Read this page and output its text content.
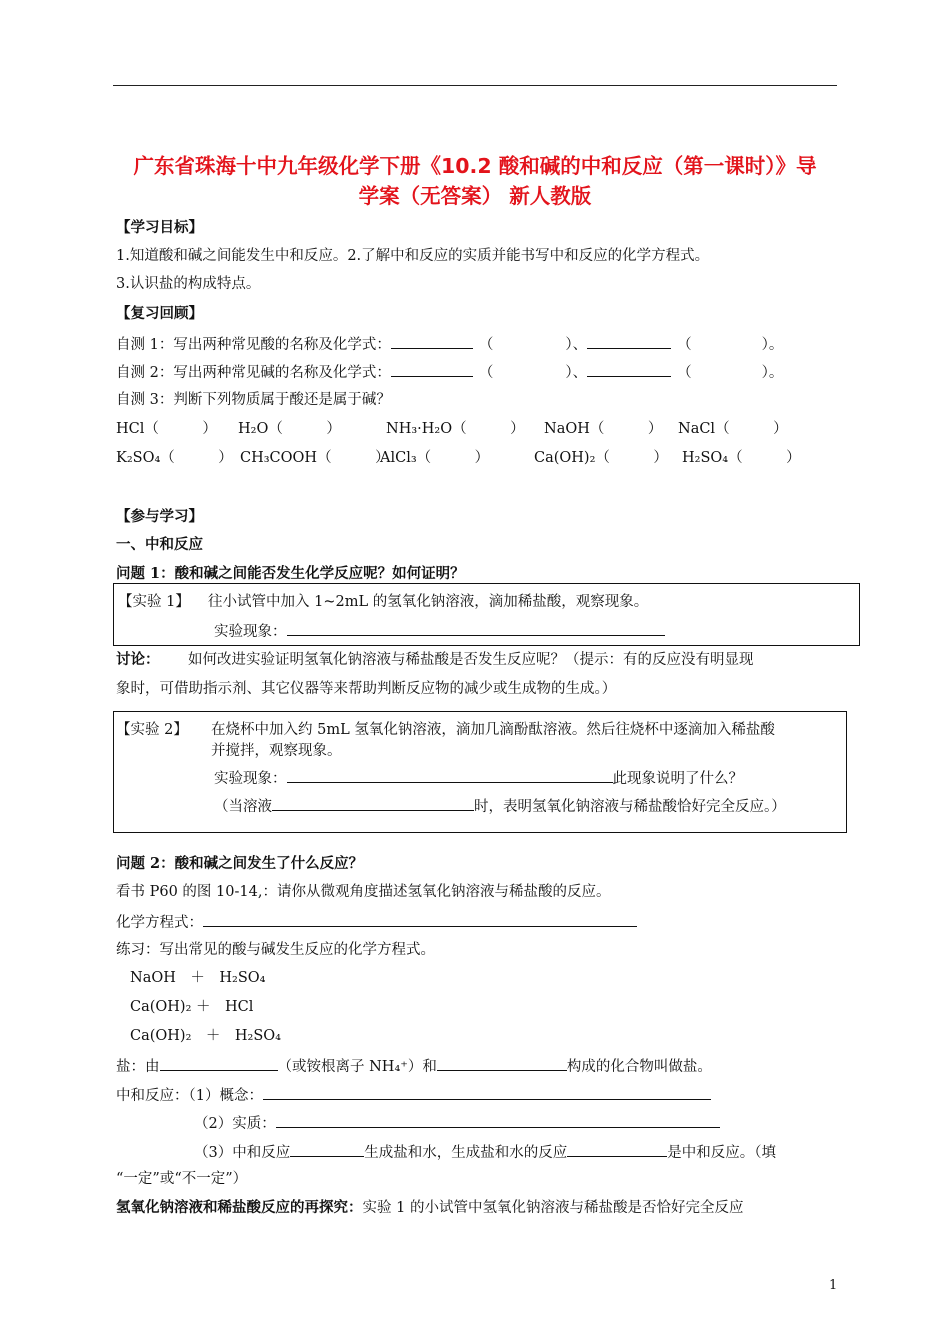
广东省珠海十中九年级化学下册《10.2 酸和碱的中和反应（第一课时）》导
学案（无答案） 新人教版
【学习目标】
1.知道酸和碱之间能发生中和反应。2.了解中和反应的实质并能书写中和反应的化学方程式。
3.认识盐的构成特点。
【复习回顾】
自测 1：写出两种常见酸的名称及化学式：	（	）、	（	）。
自测 2：写出两种常见碱的名称及化学式：	（	）、	（	）。
自测 3：判断下列物质属于酸还是属于碱？
HCl（　　　） H₂O（　　　）	NH₃·H₂O（　　　） NaOH（　　　） NaCl（　　　）
K₂SO₄（　　　） CH₃COOH（　　　）
AlCl₃（　　　）	Ca(OH)₂（　　　） H₂SO₄（　　　）
【参与学习】
一、中和反应
问题 1：酸和碱之间能否发生化学反应呢？如何证明？
【实验 1】 往小试管中加入 1~2mL 的氢氧化钠溶液，滴加稀盐酸，观察现象。
实验现象：
讨论： 如何改进实验证明氢氧化钠溶液与稀盐酸是否发生反应呢？（提示：有的反应没有明显现
象时，可借助指示剂、其它仪器等来帮助判断反应物的减少或生成物的生成。）
【实验 2】 在烧杯中加入约 5mL 氢氧化钠溶液，滴加几滴酚酞溶液。然后往烧杯中逐滴加入稀盐酸
并搅拌，观察现象。
实验现象：	此现象说明了什么？
（当溶液	时，表明氢氧化钠溶液与稀盐酸恰好完全反应。）
问题 2：酸和碱之间发生了什么反应？
看书 P60 的图 10-14,：请你从微观角度描述氢氧化钠溶液与稀盐酸的反应。
化学方程式：
练习：写出常见的酸与碱发生反应的化学方程式。
NaOH　＋　H₂SO₄
Ca(OH)₂ ＋　HCl
Ca(OH)₂　＋　H₂SO₄
盐：由	（或铵根离子 NH₄⁺）和	构成的化合物叫做盐。
中和反应：（1）概念：
（2）实质：
（3）中和反应	生成盐和水，生成盐和水的反应	是中和反应。（填
“一定”或“不一定”）
氢氧化钠溶液和稀盐酸反应的再探究：实验 1 的小试管中氢氧化钠溶液与稀盐酸是否恰好完全反应
1
